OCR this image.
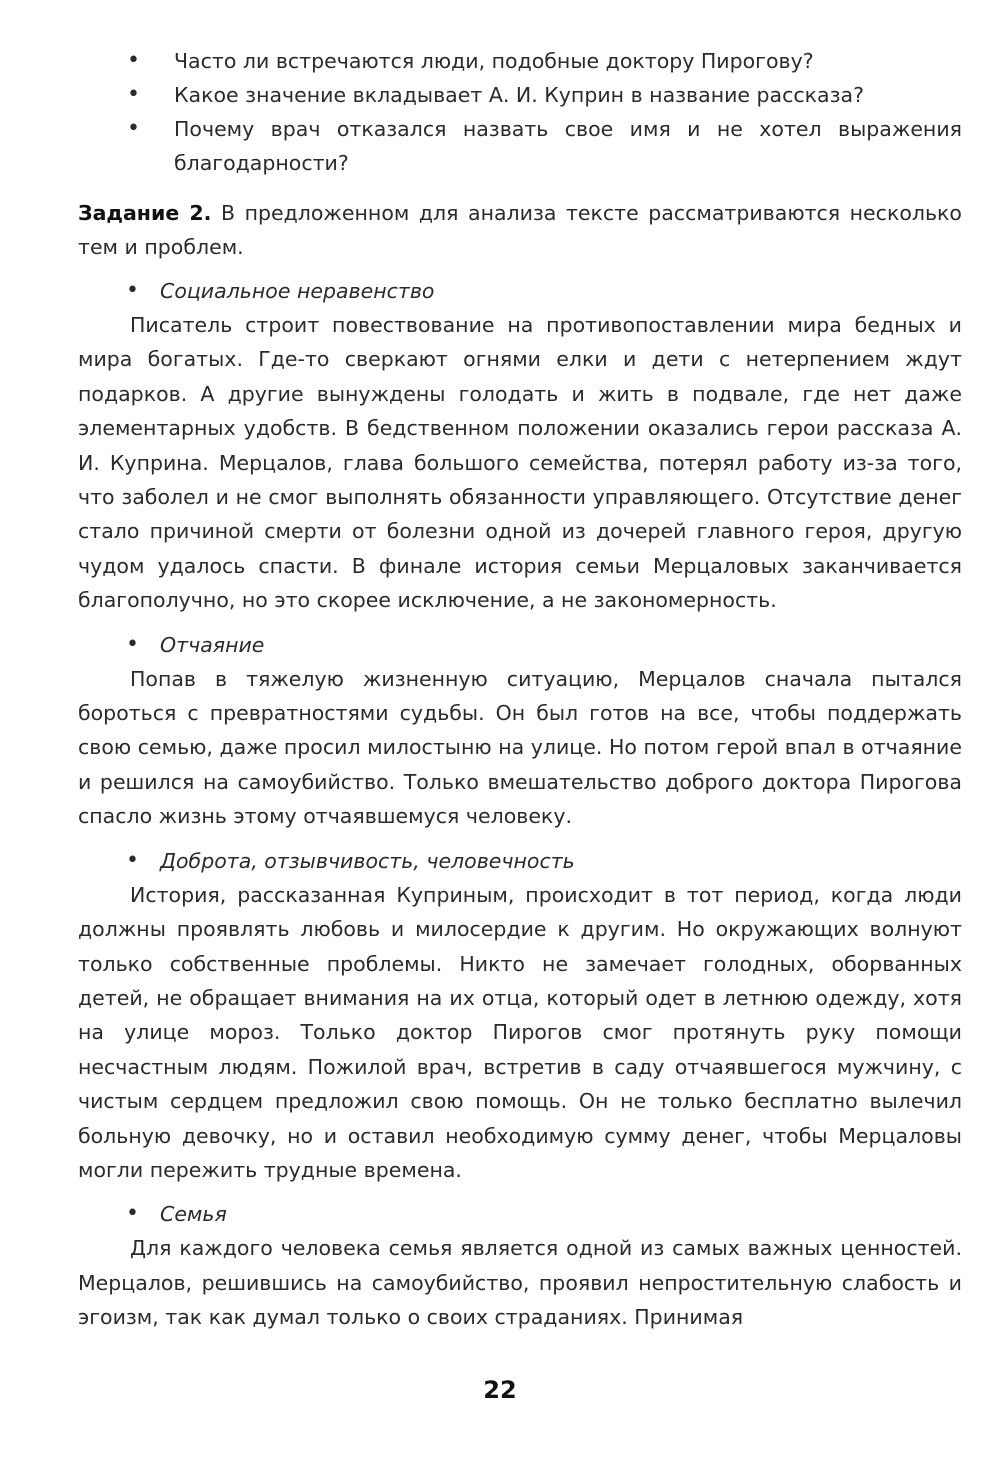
• Часто ли встречаются люди, подобные доктору Пирогову?
• Какое значение вкладывает А. И. Куприн в название рассказа?
• Почему врач отказался назвать свое имя и не хотел выражения благодарности?
Задание 2. В предложенном для анализа тексте рассматриваются несколько тем и проблем.
• Социальное неравенство

Писатель строит повествование на противопоставлении мира бедных и мира богатых. Где-то сверкают огнями елки и дети с нетерпением ждут подарков. А другие вынуждены голодать и жить в подвале, где нет даже элементарных удобств. В бедственном положении оказались герои рассказа А. И. Куприна. Мерцалов, глава большого семейства, потерял работу из-за того, что заболел и не смог выполнять обязанности управляющего. Отсутствие денег стало причиной смерти от болезни одной из дочерей главного героя, другую чудом удалось спасти. В финале история семьи Мерцаловых заканчивается благополучно, но это скорее исключение, а не закономерность.

• Отчаяние

Попав в тяжелую жизненную ситуацию, Мерцалов сначала пытался бороться с превратностями судьбы. Он был готов на все, чтобы поддержать свою семью, даже просил милостыню на улице. Но потом герой впал в отчаяние и решился на самоубийство. Только вмешательство доброго доктора Пирогова спасло жизнь этому отчаявшемуся человеку.

• Доброта, отзывчивость, человечность

История, рассказанная Куприным, происходит в тот период, когда люди должны проявлять любовь и милосердие к другим. Но окружающих волнуют только собственные проблемы. Никто не замечает голодных, оборванных детей, не обращает внимания на их отца, который одет в летнюю одежду, хотя на улице мороз. Только доктор Пирогов смог протянуть руку помощи несчастным людям. Пожилой врач, встретив в саду отчаявшегося мужчину, с чистым сердцем предложил свою помощь. Он не только бесплатно вылечил больную девочку, но и оставил необходимую сумму денег, чтобы Мерцаловы могли пережить трудные времена.

• Семья

Для каждого человека семья является одной из самых важных ценностей. Мерцалов, решившись на самоубийство, проявил непростительную слабость и эгоизм, так как думал только о своих страданиях. Принимая

22
